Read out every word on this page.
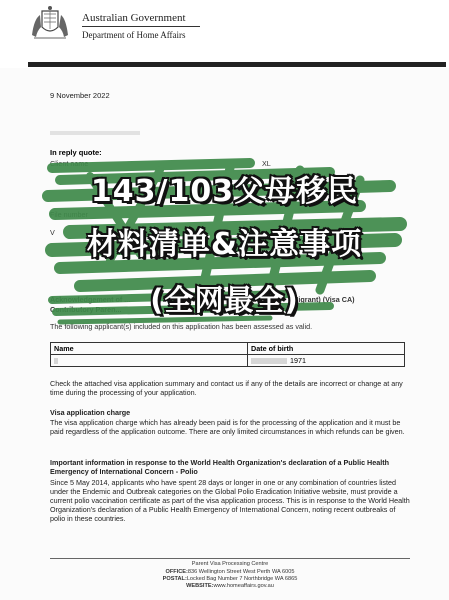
Australian Government
Department of Home Affairs
9 November 2022
In reply quote:
Client name	XL
File number
V
Acknowledgement of ...	(Migrant) (Visa CA)
Contributory Paren...
The following applicant(s) included on this application has been assessed as valid.
Name	Date of birth
	1971
Check the attached visa application summary and contact us if any of the details are incorrect or change at any time during the processing of your application.
Visa application charge
The visa application charge which has already been paid is for the processing of the application and it must be paid regardless of the application outcome. There are only limited circumstances in which refunds can be given.
Important information in response to the World Health Organization's declaration of a Public Health Emergency of International Concern - Polio
Since 5 May 2014, applicants who have spent 28 days or longer in one or any combination of countries listed under the Endemic and Outbreak categories on the Global Polio Eradication Initiative website, must provide a current polio vaccination certificate as part of the visa application process. This is in response to the World Health Organization's declaration of a Public Health Emergency of International Concern, noting recent outbreaks of polio in these countries.
Parent Visa Processing Centre
OFFICE:836 Wellington Street West Perth WA 6005
POSTAL:Locked Bag Number 7 Northbridge WA 6865
WEBSITE:www.homeaffairs.gov.au
143/103父母移民
材料清单&注意事项
(全网最全)
